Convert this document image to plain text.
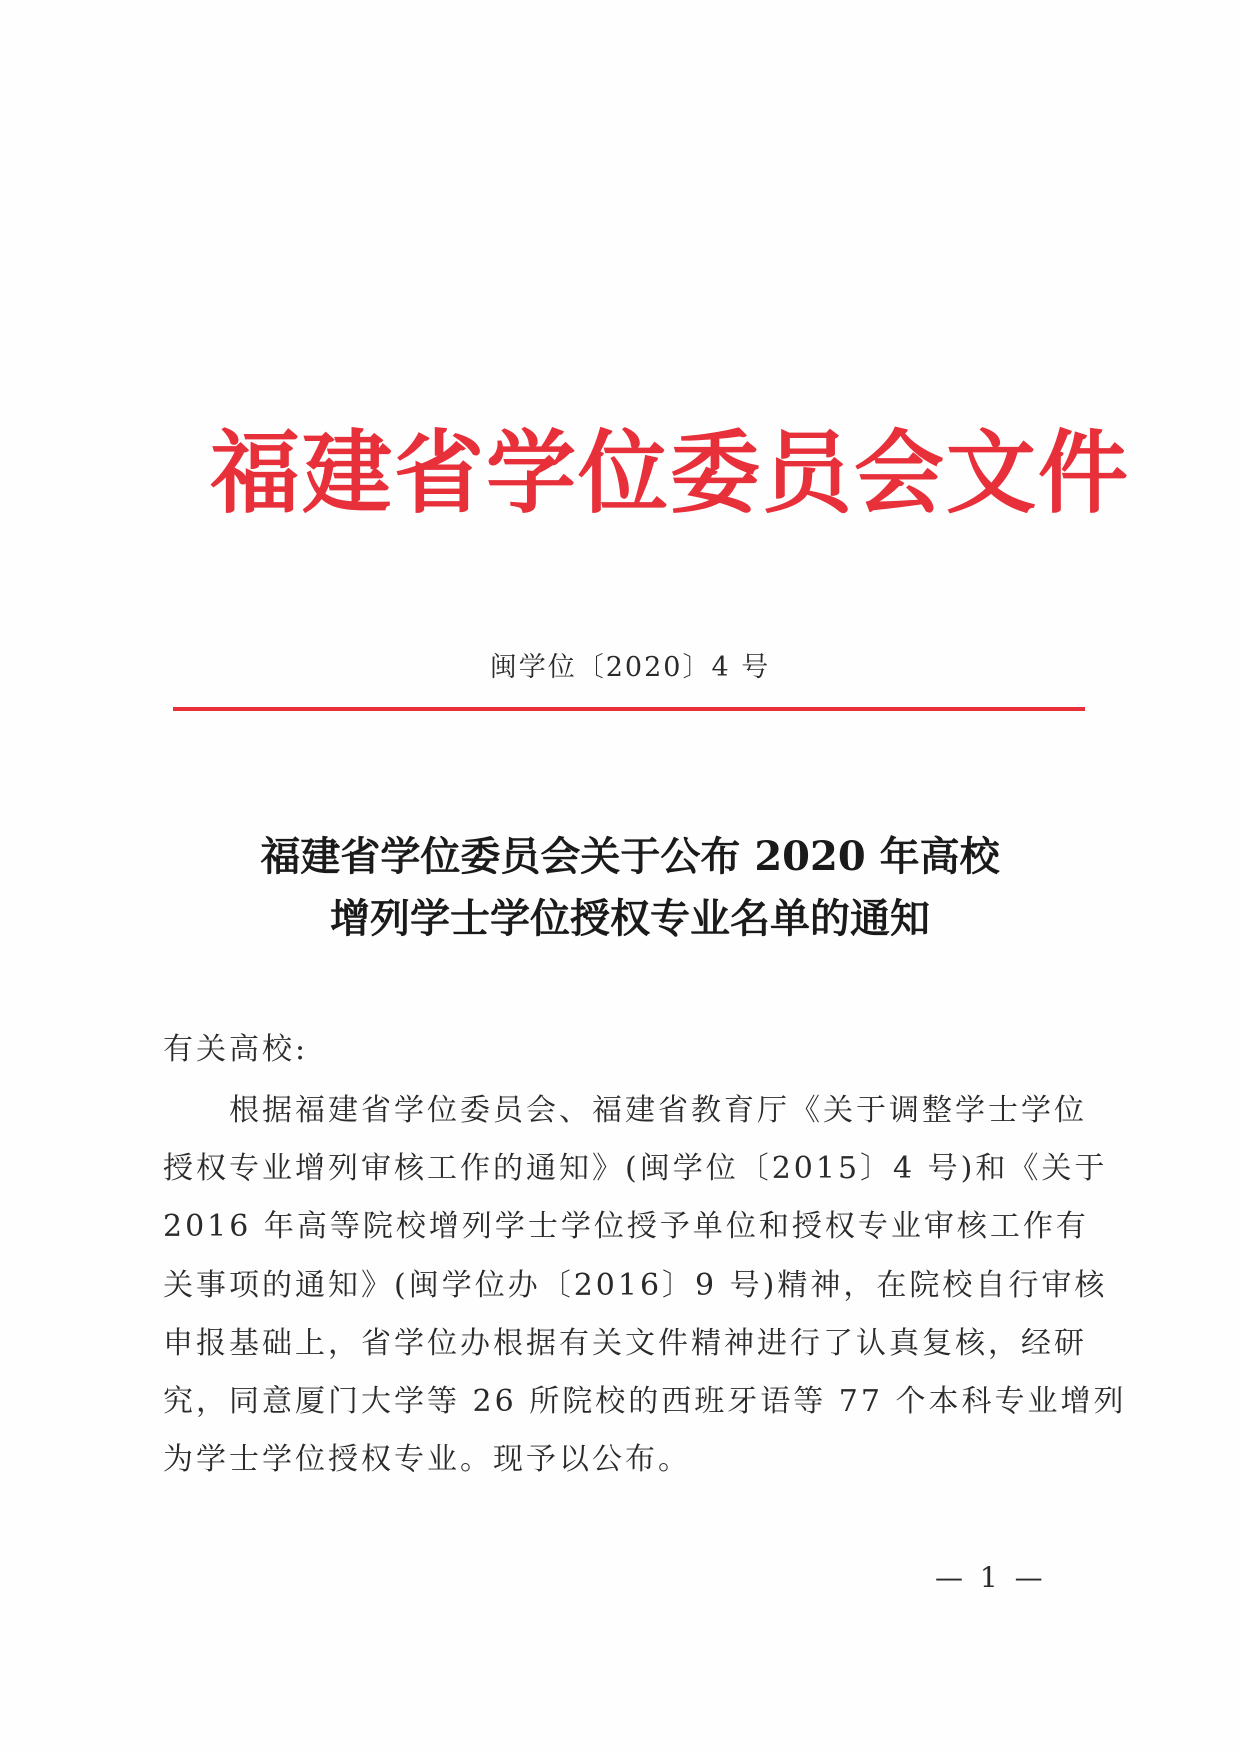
福建省学位委员会文件
闽学位〔2020〕4 号
福建省学位委员会关于公布 2020 年高校
增列学士学位授权专业名单的通知
有关高校:
根据福建省学位委员会、福建省教育厅《关于调整学士学位
授权专业增列审核工作的通知》(闽学位〔2015〕4 号)和《关于
2016 年高等院校增列学士学位授予单位和授权专业审核工作有
关事项的通知》(闽学位办〔2016〕9 号)精神，在院校自行审核
申报基础上，省学位办根据有关文件精神进行了认真复核，经研
究，同意厦门大学等 26 所院校的西班牙语等 77 个本科专业增列
为学士学位授权专业。现予以公布。
— 1 —
